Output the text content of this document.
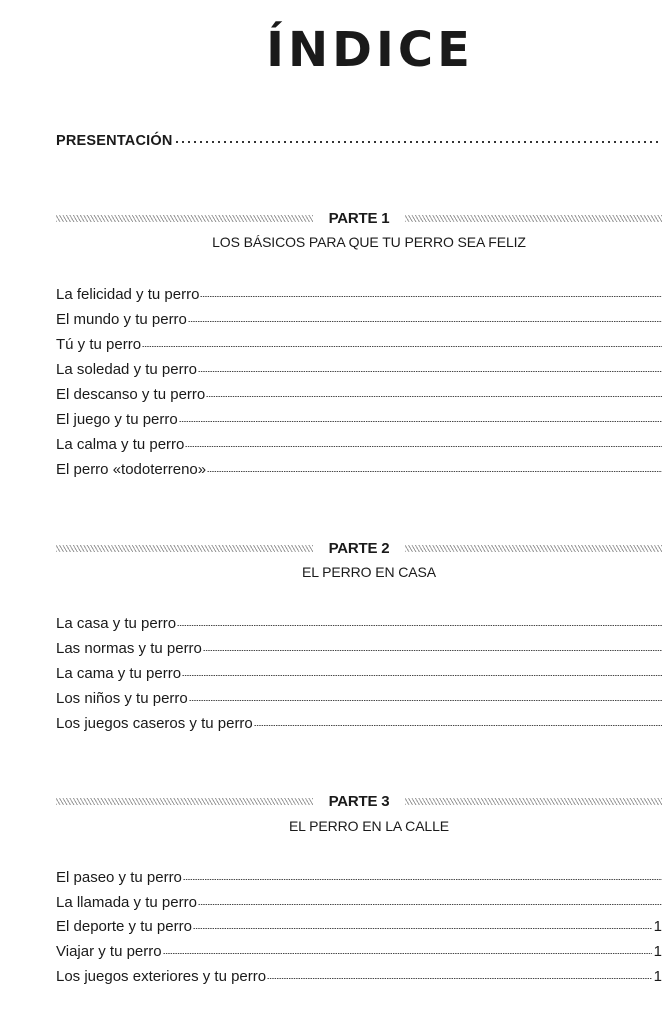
ÍNDICE
PRESENTACIÓN
PARTE 1
LOS BÁSICOS PARA QUE TU PERRO SEA FELIZ
La felicidad y tu perro
El mundo y tu perro
Tú y tu perro
La soledad y tu perro
El descanso y tu perro
El juego y tu perro
La calma y tu perro
El perro «todoterreno»
PARTE 2
EL PERRO EN CASA
La casa y tu perro
Las normas y tu perro
La cama y tu perro
Los niños y tu perro
Los juegos caseros y tu perro
PARTE 3
EL PERRO EN LA CALLE
El paseo y tu perro
La llamada y tu perro
El deporte y tu perro	1
Viajar y tu perro	1
Los juegos exteriores y tu perro	1
